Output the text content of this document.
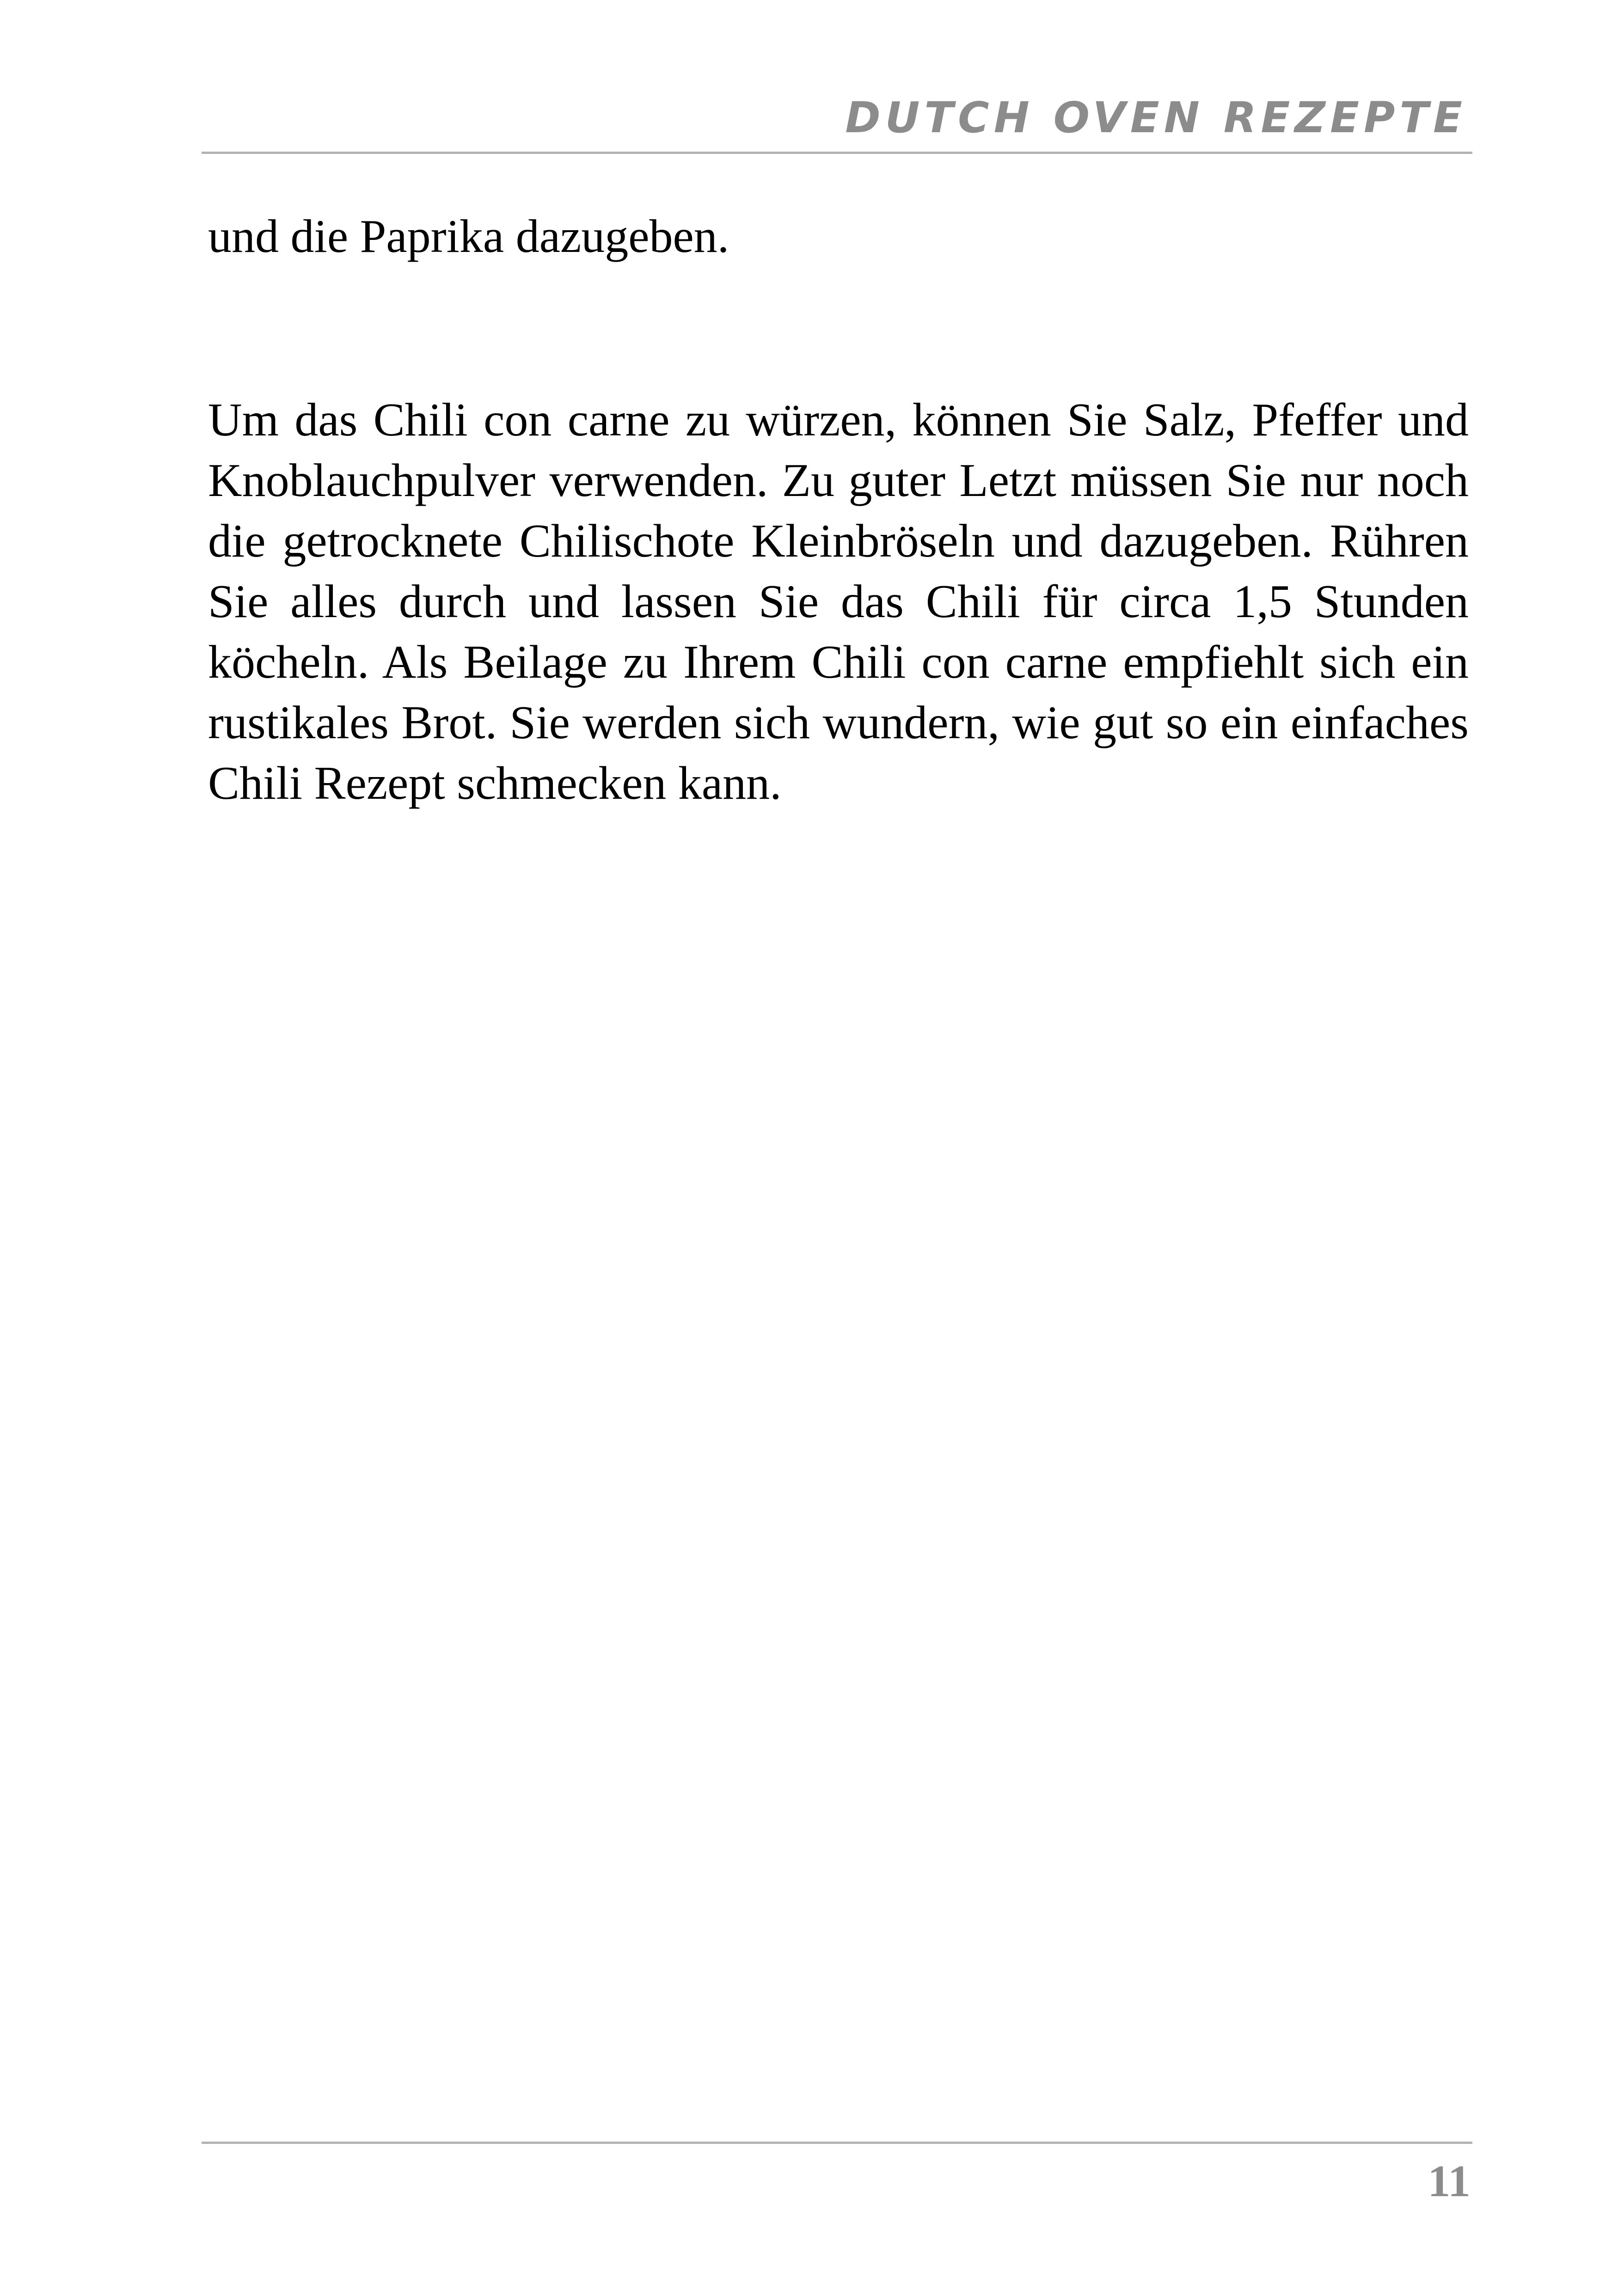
DUTCH OVEN REZEPTE

und die Paprika dazugeben.

Um das Chili con carne zu würzen, können Sie Salz, Pfeffer und Knoblauchpulver verwenden. Zu guter Letzt müssen Sie nur noch die getrocknete Chilischote Kleinbröseln und dazugeben. Rühren Sie alles durch und lassen Sie das Chili für circa 1,5 Stunden köcheln. Als Beilage zu Ihrem Chili con carne empfiehlt sich ein rustikales Brot. Sie werden sich wundern, wie gut so ein einfaches Chili Rezept schmecken kann.

11
